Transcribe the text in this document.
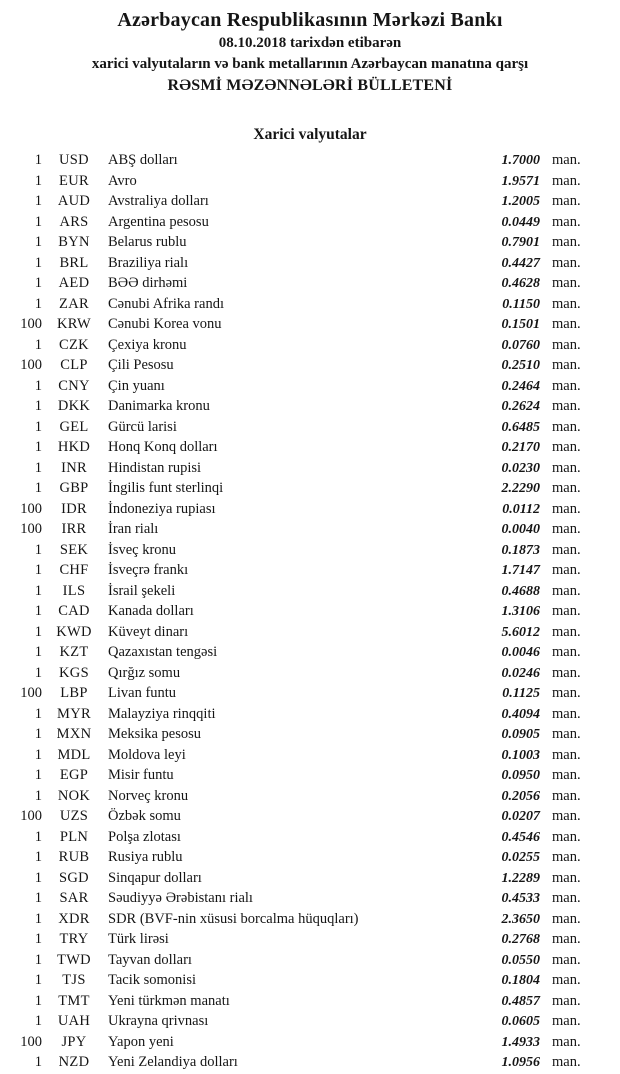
Azərbaycan Respublikasının Mərkəzi Bankı
08.10.2018 tarixdən etibarən
xarici valyutaların və bank metallarının Azərbaycan manatına qarşı
RƏSMİ MƏZƏNNƏLƏRİ BÜLLETENİ
Xarici valyutalar
1	USD	ABŞ dolları	1.7000 man.
1	EUR	Avro	1.9571 man.
1	AUD	Avstraliya dolları	1.2005 man.
1	ARS	Argentina pesosu	0.0449 man.
1	BYN	Belarus rublu	0.7901 man.
1	BRL	Braziliya rialı	0.4427 man.
1	AED	BƏƏ dirhəmi	0.4628 man.
1	ZAR	Cənubi Afrika randı	0.1150 man.
100	KRW	Cənubi Korea vonu	0.1501 man.
1	CZK	Çexiya kronu	0.0760 man.
100	CLP	Çili Pesosu	0.2510 man.
1	CNY	Çin yuanı	0.2464 man.
1	DKK	Danimarka kronu	0.2624 man.
1	GEL	Gürcü larisi	0.6485 man.
1	HKD	Honq Konq dolları	0.2170 man.
1	INR	Hindistan rupisi	0.0230 man.
1	GBP	İngilis funt sterlinqi	2.2290 man.
100	IDR	İndoneziya rupiası	0.0112 man.
100	IRR	İran rialı	0.0040 man.
1	SEK	İsveç kronu	0.1873 man.
1	CHF	İsveçrə frankı	1.7147 man.
1	ILS	İsrail şekeli	0.4688 man.
1	CAD	Kanada dolları	1.3106 man.
1 KWD	Küveyt dinarı	5.6012 man.
1	KZT	Qazaxıstan tengəsi	0.0046 man.
1	KGS	Qırğız somu	0.0246 man.
100	LBP	Livan funtu	0.1125 man.
1	MYR	Malayziya rinqqiti	0.4094 man.
1	MXN	Meksika pesosu	0.0905 man.
1	MDL	Moldova leyi	0.1003 man.
1	EGP	Misir funtu	0.0950 man.
1	NOK	Norveç kronu	0.2056 man.
100	UZS	Özbək somu	0.0207 man.
1	PLN	Polşa zlotası	0.4546 man.
1	RUB	Rusiya rublu	0.0255 man.
1	SGD	Sinqapur dolları	1.2289 man.
1	SAR	Səudiyyə Ərəbistanı rialı	0.4533 man.
1	XDR	SDR (BVF-nin xüsusi borcalma hüquqları)	2.3650 man.
1	TRY	Türk lirəsi	0.2768 man.
1	TWD	Tayvan dolları	0.0550 man.
1	TJS	Tacik somonisi	0.1804 man.
1	TMT	Yeni türkmən manatı	0.4857 man.
1	UAH	Ukrayna qrivnası	0.0605 man.
100	JPY	Yapon yeni	1.4933 man.
1	NZD	Yeni Zelandiya dolları	1.0956 man.
